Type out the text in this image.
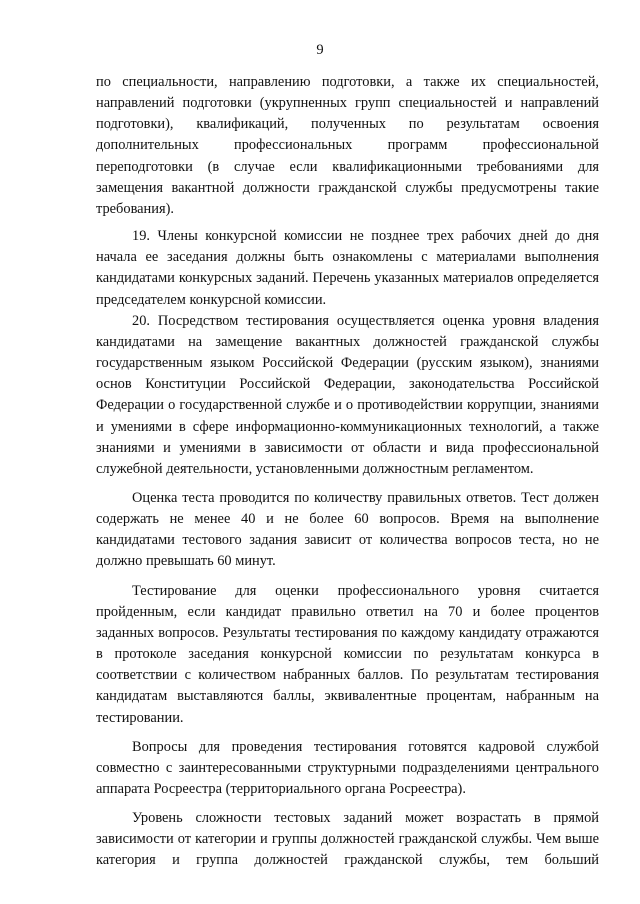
9

по специальности, направлению подготовки, а также их специальностей, направлений подготовки (укрупненных групп специальностей и направлений подготовки), квалификаций, полученных по результатам освоения дополнительных профессиональных программ профессиональной переподготовки (в случае если квалификационными требованиями для замещения вакантной должности гражданской службы предусмотрены такие требования).

19. Члены конкурсной комиссии не позднее трех рабочих дней до дня начала ее заседания должны быть ознакомлены с материалами выполнения кандидатами конкурсных заданий. Перечень указанных материалов определяется председателем конкурсной комиссии.

20. Посредством тестирования осуществляется оценка уровня владения кандидатами на замещение вакантных должностей гражданской службы государственным языком Российской Федерации (русским языком), знаниями основ Конституции Российской Федерации, законодательства Российской Федерации о государственной службе и о противодействии коррупции, знаниями и умениями в сфере информационно-коммуникационных технологий, а также знаниями и умениями в зависимости от области и вида профессиональной служебной деятельности, установленными должностным регламентом.

Оценка теста проводится по количеству правильных ответов. Тест должен содержать не менее 40 и не более 60 вопросов. Время на выполнение кандидатами тестового задания зависит от количества вопросов теста, но не должно превышать 60 минут.

Тестирование для оценки профессионального уровня считается пройденным, если кандидат правильно ответил на 70 и более процентов заданных вопросов. Результаты тестирования по каждому кандидату отражаются в протоколе заседания конкурсной комиссии по результатам конкурса в соответствии с количеством набранных баллов. По результатам тестирования кандидатам выставляются баллы, эквивалентные процентам, набранным на тестировании.

Вопросы для проведения тестирования готовятся кадровой службой совместно с заинтересованными структурными подразделениями центрального аппарата Росреестра (территориального органа Росреестра).

Уровень сложности тестовых заданий может возрастать в прямой зависимости от категории и группы должностей гражданской службы. Чем выше категория и группа должностей гражданской службы, тем больший
